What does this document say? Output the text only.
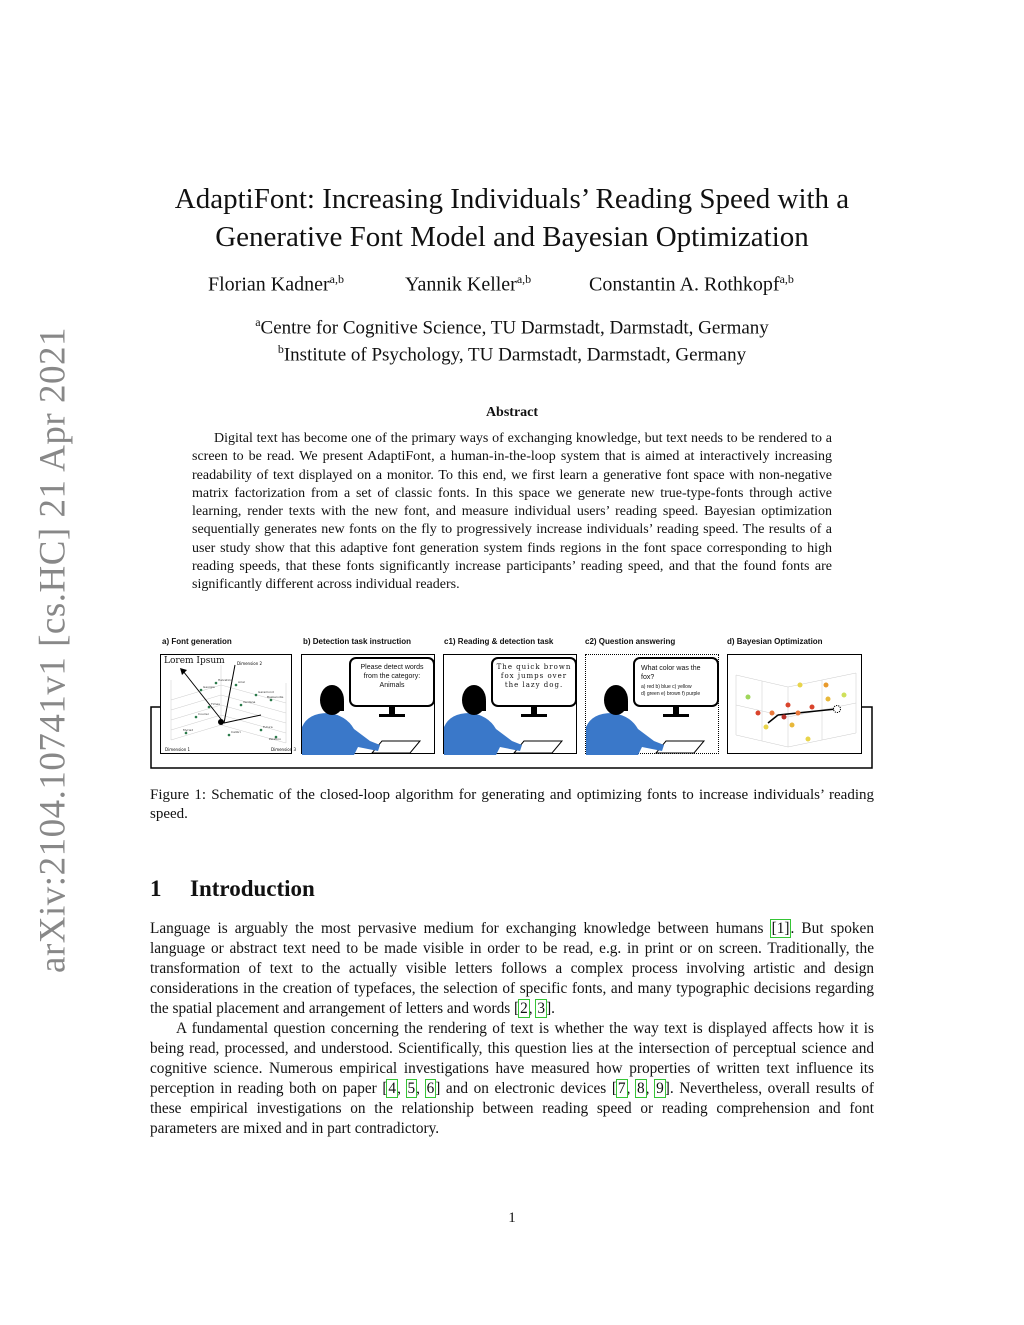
arXiv:2104.10741v1 [cs.HC] 21 Apr 2021
AdaptiFont: Increasing Individuals’ Reading Speed with a
Generative Font Model and Bayesian Optimization
Florian Kadner$^{a,b}$	Yannik Keller$^{a,b}$	Constantin A. Rothkopf$^{a,b}$
$^a$Centre for Cognitive Science, TU Darmstadt, Darmstadt, Germany
$^b$Institute of Psychology, TU Darmstadt, Darmstadt, Germany
Abstract

Digital text has become one of the primary ways of exchanging knowledge, but text needs to be rendered to a screen to be read. We present AdaptiFont, a human-in-the-loop system that is aimed at interactively increasing readability of text displayed on a monitor. To this end, we first learn a generative font space with non-negative matrix factorization from a set of classic fonts. In this space we generate new true-type-fonts through active learning, render texts with the new font, and measure individual users’ reading speed. Bayesian optimization sequentially generates new fonts on the fly to progressively increase individuals’ reading speed. The results of a user study show that this adaptive font generation system finds regions in the font space corresponding to high reading speeds, that these fonts significantly increase participants’ reading speed, and that the found fonts are significantly different across individual readers.

a) Font generation	b) Detection task instruction	c1) Reading & detection task	c2) Question answering	d) Bayesian Optimization
Lorem Ipsum
Dimension 1
Dimension 2
Dimension 3
Georgia
Helvetica Arial
Times	Verdana
Garamond
Baskerville
Courier
Futura
Palatino
Myriad	Calibri
Please detect words from the category: Animals
The quick brown fox jumps over the lazy dog.
What color was the fox?
a) red b) blue c) yellow
d) green e) brown f) purple
Figure 1: Schematic of the closed-loop algorithm for generating and optimizing fonts to increase individuals’ reading speed.
1 Introduction

Language is arguably the most pervasive medium for exchanging knowledge between humans [1]. But spoken language or abstract text need to be made visible in order to be read, e.g. in print or on screen. Traditionally, the transformation of text to the actually visible letters follows a complex process involving artistic and design considerations in the creation of typefaces, the selection of specific fonts, and many typographic decisions regarding the spatial placement and arrangement of letters and words [2, 3].

A fundamental question concerning the rendering of text is whether the way text is displayed affects how it is being read, processed, and understood. Scientifically, this question lies at the intersection of perceptual science and cognitive science. Numerous empirical investigations have measured how properties of written text influence its perception in reading both on paper [4, 5, 6] and on electronic devices [7, 8, 9]. Nevertheless, overall results of these empirical investigations on the relationship between reading speed or reading comprehension and font parameters are mixed and in part contradictory.

1
